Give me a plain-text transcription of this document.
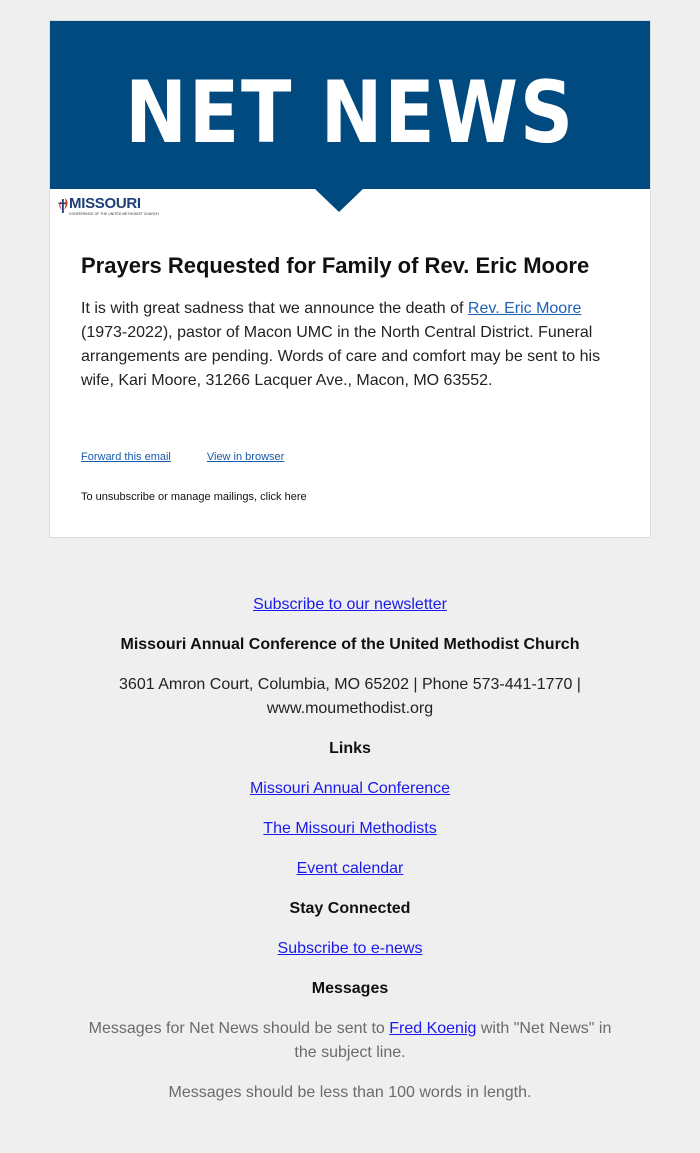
NET NEWS
MISSOURI
CONFERENCE OF THE UNITED METHODIST CHURCH
Prayers Requested for Family of Rev. Eric Moore

It is with great sadness that we announce the death of Rev. Eric Moore (1973-2022), pastor of Macon UMC in the North Central District. Funeral arrangements are pending. Words of care and comfort may be sent to his wife, Kari Moore, 31266 Lacquer Ave., Macon, MO 63552.

Forward this email	View in browser
To unsubscribe or manage mailings, click here

Subscribe to our newsletter

Missouri Annual Conference of the United Methodist Church

3601 Amron Court, Columbia, MO 65202 | Phone 573-441-1770 | www.moumethodist.org

Links

Missouri Annual Conference

The Missouri Methodists

Event calendar

Stay Connected

Subscribe to e-news

Messages

Messages for Net News should be sent to Fred Koenig with "Net News" in the subject line.

Messages should be less than 100 words in length.
